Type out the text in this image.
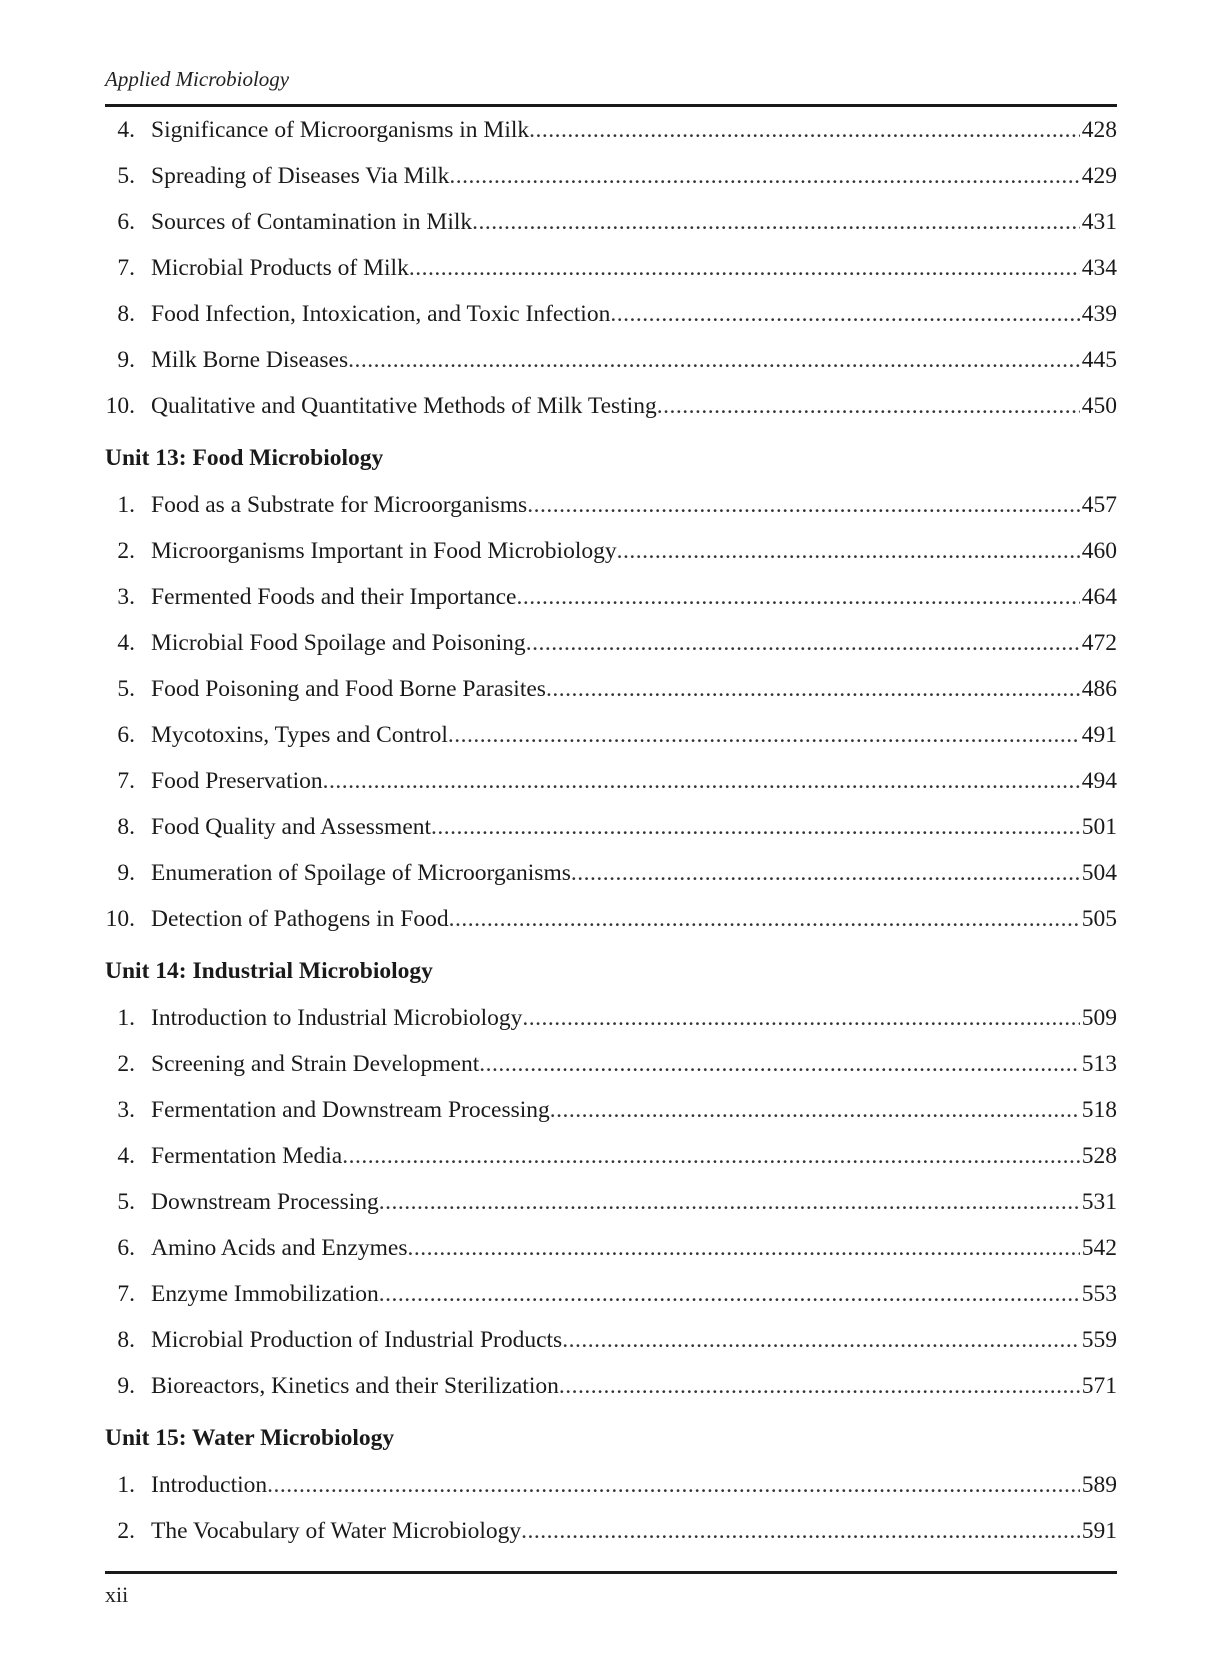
Applied Microbiology
4. Significance of Microorganisms in Milk .....	428
5. Spreading of Diseases Via Milk .....	429
6. Sources of Contamination in Milk .....	431
7. Microbial Products of Milk .....	434
8. Food Infection, Intoxication, and Toxic Infection .....	439
9. Milk Borne Diseases .....	445
10. Qualitative and Quantitative Methods of Milk Testing .....	450
Unit 13: Food Microbiology
1. Food as a Substrate for Microorganisms .....	457
2. Microorganisms Important in Food Microbiology .....	460
3. Fermented Foods and their Importance .....	464
4. Microbial Food Spoilage and Poisoning .....	472
5. Food Poisoning and Food Borne Parasites .....	486
6. Mycotoxins, Types and Control .....	491
7. Food Preservation .....	494
8. Food Quality and Assessment .....	501
9. Enumeration of Spoilage of Microorganisms .....	504
10. Detection of Pathogens in Food .....	505
Unit 14: Industrial Microbiology
1. Introduction to Industrial Microbiology .....	509
2. Screening and Strain Development .....	513
3. Fermentation and Downstream Processing .....	518
4. Fermentation Media .....	528
5. Downstream Processing .....	531
6. Amino Acids and Enzymes .....	542
7. Enzyme Immobilization .....	553
8. Microbial Production of Industrial Products .....	559
9. Bioreactors, Kinetics and their Sterilization .....	571
Unit 15: Water Microbiology
1. Introduction .....	589
2. The Vocabulary of Water Microbiology .....	591
xii
